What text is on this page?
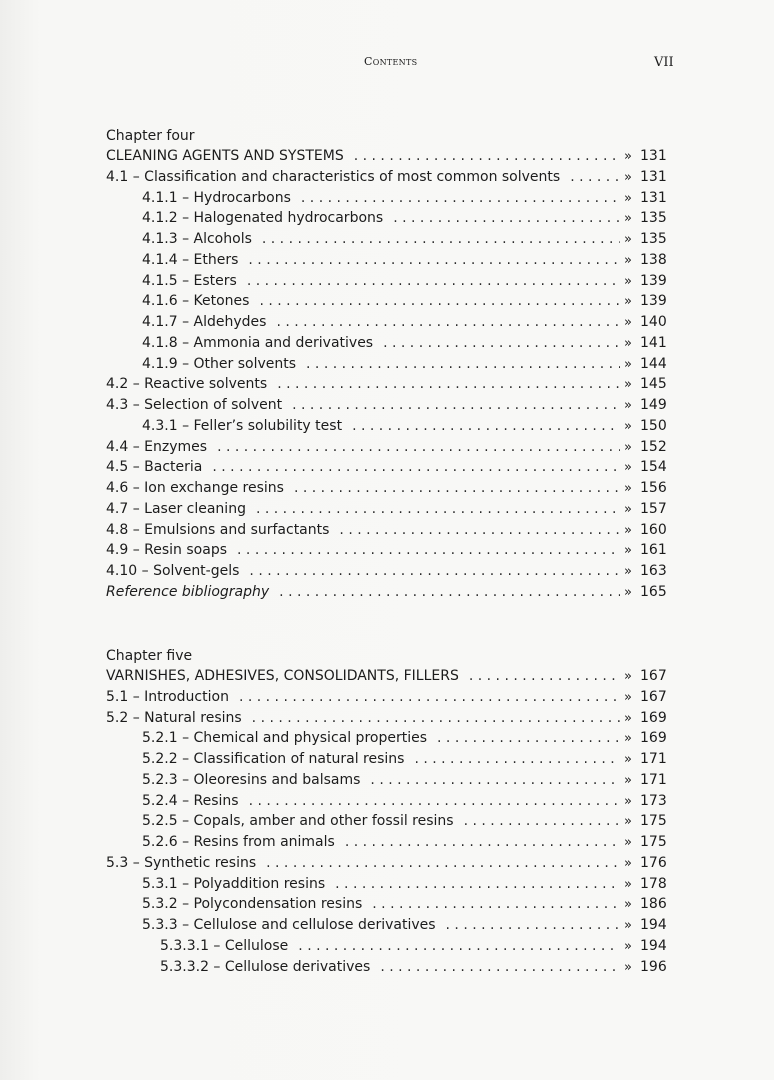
Contents	VII
Chapter four
CLEANING AGENTS AND SYSTEMS . . .	» 131
4.1 – Classification and characteristics of most common solvents . . .	» 131
4.1.1 – Hydrocarbons . . .	» 131
4.1.2 – Halogenated hydrocarbons . . .	» 135
4.1.3 – Alcohols . . .	» 135
4.1.4 – Ethers . . .	» 138
4.1.5 – Esters . . .	» 139
4.1.6 – Ketones . . .	» 139
4.1.7 – Aldehydes . . .	» 140
4.1.8 – Ammonia and derivatives . . .	» 141
4.1.9 – Other solvents . . .	» 144
4.2 – Reactive solvents . . .	» 145
4.3 – Selection of solvent . . .	» 149
4.3.1 – Feller’s solubility test . . .	» 150
4.4 – Enzymes . . .	» 152
4.5 – Bacteria . . .	» 154
4.6 – Ion exchange resins . . .	» 156
4.7 – Laser cleaning . . .	» 157
4.8 – Emulsions and surfactants . . .	» 160
4.9 – Resin soaps . . .	» 161
4.10 – Solvent-gels . . .	» 163
Reference bibliography . . .	» 165
Chapter five
VARNISHES, ADHESIVES, CONSOLIDANTS, FILLERS . . .	» 167
5.1 – Introduction . . .	» 167
5.2 – Natural resins . . .	» 169
5.2.1 – Chemical and physical properties . . .	» 169
5.2.2 – Classification of natural resins . . .	» 171
5.2.3 – Oleoresins and balsams . . .	» 171
5.2.4 – Resins . . .	» 173
5.2.5 – Copals, amber and other fossil resins . . .	» 175
5.2.6 – Resins from animals . . .	» 175
5.3 – Synthetic resins . . .	» 176
5.3.1 – Polyaddition resins . . .	» 178
5.3.2 – Polycondensation resins . . .	» 186
5.3.3 – Cellulose and cellulose derivatives . . .	» 194
5.3.3.1 – Cellulose . . .	» 194
5.3.3.2 – Cellulose derivatives . . .	» 196
